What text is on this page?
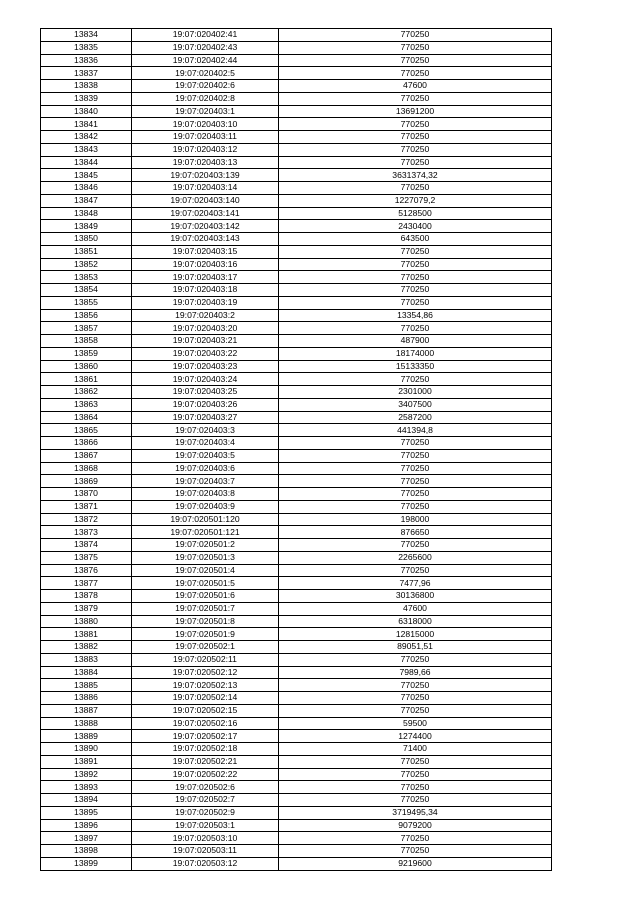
13834	19:07:020402:41	770250
13835	19:07:020402:43	770250
13836	19:07:020402:44	770250
13837	19:07:020402:5	770250
13838	19:07:020402:6	47600
13839	19:07:020402:8	770250
13840	19:07:020403:1	13691200
13841	19:07:020403:10	770250
13842	19:07:020403:11	770250
13843	19:07:020403:12	770250
13844	19:07:020403:13	770250
13845	19:07:020403:139	3631374,32
13846	19:07:020403:14	770250
13847	19:07:020403:140	1227079,2
13848	19:07:020403:141	5128500
13849	19:07:020403:142	2430400
13850	19:07:020403:143	643500
13851	19:07:020403:15	770250
13852	19:07:020403:16	770250
13853	19:07:020403:17	770250
13854	19:07:020403:18	770250
13855	19:07:020403:19	770250
13856	19:07:020403:2	13354,86
13857	19:07:020403:20	770250
13858	19:07:020403:21	487900
13859	19:07:020403:22	18174000
13860	19:07:020403:23	15133350
13861	19:07:020403:24	770250
13862	19:07:020403:25	2301000
13863	19:07:020403:26	3407500
13864	19:07:020403:27	2587200
13865	19:07:020403:3	441394,8
13866	19:07:020403:4	770250
13867	19:07:020403:5	770250
13868	19:07:020403:6	770250
13869	19:07:020403:7	770250
13870	19:07:020403:8	770250
13871	19:07:020403:9	770250
13872	19:07:020501:120	198000
13873	19:07:020501:121	876650
13874	19:07:020501:2	770250
13875	19:07:020501:3	2265600
13876	19:07:020501:4	770250
13877	19:07:020501:5	7477,96
13878	19:07:020501:6	30136800
13879	19:07:020501:7	47600
13880	19:07:020501:8	6318000
13881	19:07:020501:9	12815000
13882	19:07:020502:1	89051,51
13883	19:07:020502:11	770250
13884	19:07:020502:12	7989,66
13885	19:07:020502:13	770250
13886	19:07:020502:14	770250
13887	19:07:020502:15	770250
13888	19:07:020502:16	59500
13889	19:07:020502:17	1274400
13890	19:07:020502:18	71400
13891	19:07:020502:21	770250
13892	19:07:020502:22	770250
13893	19:07:020502:6	770250
13894	19:07:020502:7	770250
13895	19:07:020502:9	3719495,34
13896	19:07:020503:1	9079200
13897	19:07:020503:10	770250
13898	19:07:020503:11	770250
13899	19:07:020503:12	9219600
